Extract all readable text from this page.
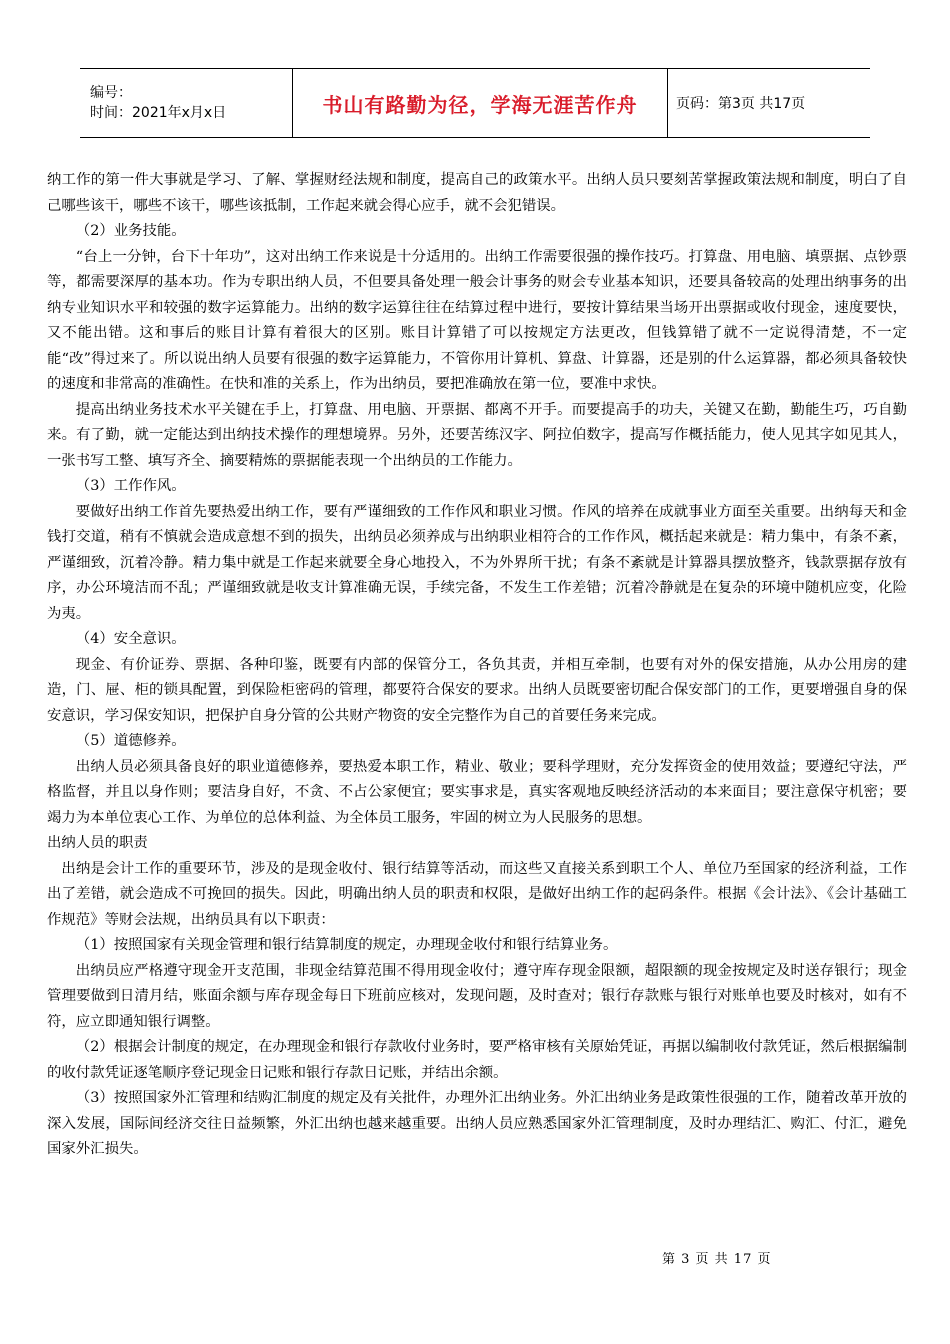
编号：
时间：2021年x月x日	书山有路勤为径，学海无涯苦作舟	页码：第3页 共17页

纳工作的第一件大事就是学习、了解、掌握财经法规和制度，提高自己的政策水平。出纳人员只要刻苦掌握政策法规和制度，明白了自己哪些该干，哪些不该干，哪些该抵制，工作起来就会得心应手，就不会犯错误。

（2）业务技能。

“台上一分钟，台下十年功”，这对出纳工作来说是十分适用的。出纳工作需要很强的操作技巧。打算盘、用电脑、填票据、点钞票等，都需要深厚的基本功。作为专职出纳人员，不但要具备处理一般会计事务的财会专业基本知识，还要具备较高的处理出纳事务的出纳专业知识水平和较强的数字运算能力。出纳的数字运算往往在结算过程中进行，要按计算结果当场开出票据或收付现金，速度要快，又不能出错。这和事后的账目计算有着很大的区别。账目计算错了可以按规定方法更改，但钱算错了就不一定说得清楚，不一定能“改”得过来了。所以说出纳人员要有很强的数字运算能力，不管你用计算机、算盘、计算器，还是别的什么运算器，都必须具备较快的速度和非常高的准确性。在快和准的关系上，作为出纳员，要把准确放在第一位，要准中求快。

提高出纳业务技术水平关键在手上，打算盘、用电脑、开票据、都离不开手。而要提高手的功夫，关键又在勤，勤能生巧，巧自勤来。有了勤，就一定能达到出纳技术操作的理想境界。另外，还要苦练汉字、阿拉伯数字，提高写作概括能力，使人见其字如见其人，一张书写工整、填写齐全、摘要精炼的票据能表现一个出纳员的工作能力。

（3）工作作风。

要做好出纳工作首先要热爱出纳工作，要有严谨细致的工作作风和职业习惯。作风的培养在成就事业方面至关重要。出纳每天和金钱打交道，稍有不慎就会造成意想不到的损失，出纳员必须养成与出纳职业相符合的工作作风，概括起来就是：精力集中，有条不紊，严谨细致，沉着冷静。精力集中就是工作起来就要全身心地投入，不为外界所干扰；有条不紊就是计算器具摆放整齐，钱款票据存放有序，办公环境洁而不乱；严谨细致就是收支计算准确无误，手续完备，不发生工作差错；沉着冷静就是在复杂的环境中随机应变，化险为夷。

（4）安全意识。

现金、有价证券、票据、各种印鉴，既要有内部的保管分工，各负其责，并相互牵制，也要有对外的保安措施，从办公用房的建造，门、屉、柜的锁具配置，到保险柜密码的管理，都要符合保安的要求。出纳人员既要密切配合保安部门的工作，更要增强自身的保安意识，学习保安知识，把保护自身分管的公共财产物资的安全完整作为自己的首要任务来完成。

（5）道德修养。

出纳人员必须具备良好的职业道德修养，要热爱本职工作，精业、敬业；要科学理财，充分发挥资金的使用效益；要遵纪守法，严格监督，并且以身作则；要洁身自好，不贪、不占公家便宜；要实事求是，真实客观地反映经济活动的本来面目；要注意保守机密；要竭力为本单位衷心工作、为单位的总体利益、为全体员工服务，牢固的树立为人民服务的思想。

出纳人员的职责

出纳是会计工作的重要环节，涉及的是现金收付、银行结算等活动，而这些又直接关系到职工个人、单位乃至国家的经济利益，工作出了差错，就会造成不可挽回的损失。因此，明确出纳人员的职责和权限，是做好出纳工作的起码条件。根据《会计法》、《会计基础工作规范》等财会法规，出纳员具有以下职责：

（1）按照国家有关现金管理和银行结算制度的规定，办理现金收付和银行结算业务。

出纳员应严格遵守现金开支范围，非现金结算范围不得用现金收付；遵守库存现金限额，超限额的现金按规定及时送存银行；现金管理要做到日清月结，账面余额与库存现金每日下班前应核对，发现问题，及时查对；银行存款账与银行对账单也要及时核对，如有不符，应立即通知银行调整。

（2）根据会计制度的规定，在办理现金和银行存款收付业务时，要严格审核有关原始凭证，再据以编制收付款凭证，然后根据编制的收付款凭证逐笔顺序登记现金日记账和银行存款日记账，并结出余额。

（3）按照国家外汇管理和结购汇制度的规定及有关批件，办理外汇出纳业务。外汇出纳业务是政策性很强的工作，随着改革开放的深入发展，国际间经济交往日益频繁，外汇出纳也越来越重要。出纳人员应熟悉国家外汇管理制度，及时办理结汇、购汇、付汇，避免国家外汇损失。

第 3 页 共 17 页
